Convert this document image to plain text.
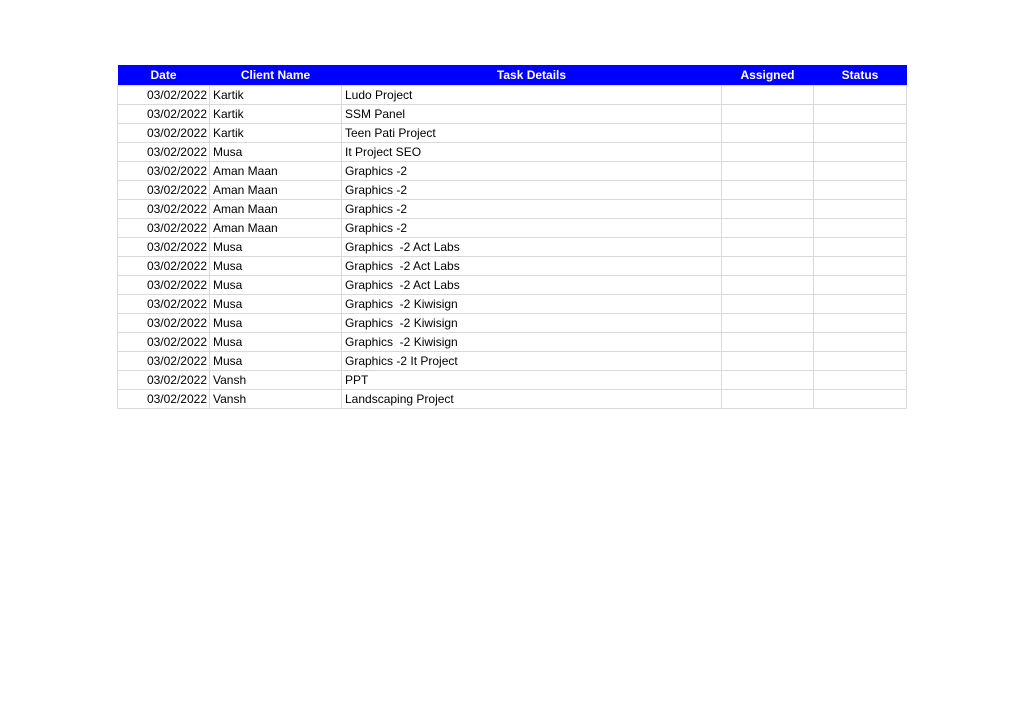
Date	Client Name	Task Details	Assigned	Status
03/02/2022	Kartik	Ludo Project		
03/02/2022	Kartik	SSM Panel		
03/02/2022	Kartik	Teen Pati Project		
03/02/2022	Musa	It Project SEO		
03/02/2022	Aman Maan	Graphics -2		
03/02/2022	Aman Maan	Graphics -2		
03/02/2022	Aman Maan	Graphics -2		
03/02/2022	Aman Maan	Graphics -2		
03/02/2022	Musa	Graphics  -2 Act Labs		
03/02/2022	Musa	Graphics  -2 Act Labs		
03/02/2022	Musa	Graphics  -2 Act Labs		
03/02/2022	Musa	Graphics  -2 Kiwisign		
03/02/2022	Musa	Graphics  -2 Kiwisign		
03/02/2022	Musa	Graphics  -2 Kiwisign		
03/02/2022	Musa	Graphics -2 It Project		
03/02/2022	Vansh	PPT		
03/02/2022	Vansh	Landscaping Project		
